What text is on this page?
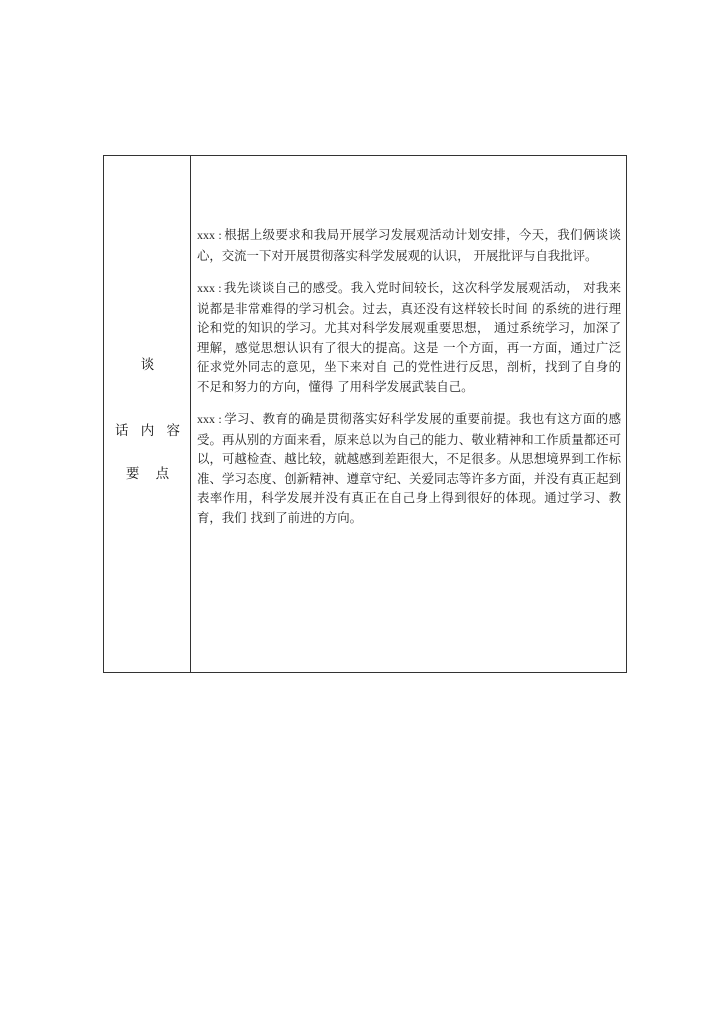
谈
话 内 容
要 点

xxx : 根据上级要求和我局开展学习发展观活动计划安排，今天，我们俩谈谈心，交流一下对开展贯彻落实科学发展观的认识， 开展批评与自我批评。

xxx : 我先谈谈自己的感受。我入党时间较长，这次科学发展观活动， 对我来说都是非常难得的学习机会。过去，真还没有这样较长时间 的系统的进行理论和党的知识的学习。尤其对科学发展观重要思想， 通过系统学习，加深了理解，感觉思想认识有了很大的提高。这是 一个方面，再一方面，通过广泛征求党外同志的意见，坐下来对自 己的党性进行反思，剖析，找到了自身的不足和努力的方向，懂得 了用科学发展武装自己。

xxx : 学习、教育的确是贯彻落实好科学发展的重要前提。我也有这方面的感受。再从别的方面来看，原来总以为自己的能力、敬业精神和工作质量都还可以，可越检查、越比较，就越感到差距很大，不足很多。从思想境界到工作标准、学习态度、创新精神、遵章守纪、关爱同志等许多方面，并没有真正起到表率作用，科学发展并没有真正在自己身上得到很好的体现。通过学习、教育，我们 找到了前进的方向。
